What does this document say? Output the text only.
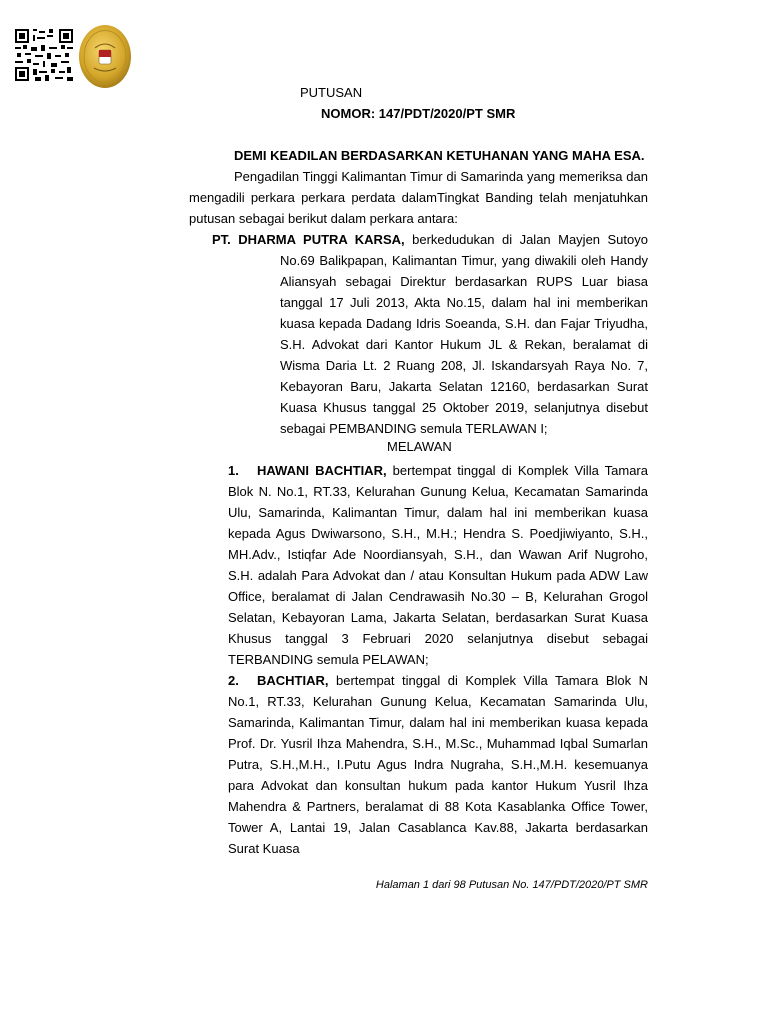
PUTUSAN
NOMOR: 147/PDT/2020/PT SMR
DEMI KEADILAN BERDASARKAN KETUHANAN YANG MAHA ESA.

Pengadilan Tinggi Kalimantan Timur di Samarinda yang memeriksa dan mengadili perkara perkara perdata dalamTingkat Banding telah menjatuhkan putusan sebagai berikut dalam perkara antara:

PT. DHARMA PUTRA KARSA, berkedudukan di Jalan Mayjen Sutoyo

No.69 Balikpapan, Kalimantan Timur, yang diwakili oleh Handy Aliansyah sebagai Direktur berdasarkan RUPS Luar biasa tanggal 17 Juli 2013, Akta No.15, dalam hal ini memberikan kuasa kepada Dadang Idris Soeanda, S.H. dan Fajar Triyudha, S.H. Advokat dari Kantor Hukum JL & Rekan, beralamat di Wisma Daria Lt. 2 Ruang 208, Jl. Iskandarsyah Raya No. 7, Kebayoran Baru, Jakarta Selatan 12160, berdasarkan Surat Kuasa Khusus tanggal 25 Oktober 2019, selanjutnya disebut sebagai PEMBANDING semula TERLAWAN I;

MELAWAN

1. HAWANI BACHTIAR, bertempat tinggal di Komplek Villa Tamara Blok N. No.1, RT.33, Kelurahan Gunung Kelua, Kecamatan Samarinda Ulu, Samarinda, Kalimantan Timur, dalam hal ini memberikan kuasa kepada Agus Dwiwarsono, S.H., M.H.; Hendra S. Poedjiwiyanto, S.H., MH.Adv., Istiqfar Ade Noordiansyah, S.H., dan Wawan Arif Nugroho, S.H. adalah Para Advokat dan / atau Konsultan Hukum pada ADW Law Office, beralamat di Jalan Cendrawasih No.30 – B, Kelurahan Grogol Selatan, Kebayoran Lama, Jakarta Selatan, berdasarkan Surat Kuasa Khusus tanggal 3 Februari 2020 selanjutnya disebut sebagai TERBANDING semula PELAWAN;

2. BACHTIAR, bertempat tinggal di Komplek Villa Tamara Blok N No.1, RT.33, Kelurahan Gunung Kelua, Kecamatan Samarinda Ulu, Samarinda, Kalimantan Timur, dalam hal ini memberikan kuasa kepada Prof. Dr. Yusril Ihza Mahendra, S.H., M.Sc., Muhammad Iqbal Sumarlan Putra, S.H.,M.H., I.Putu Agus Indra Nugraha, S.H.,M.H. kesemuanya para Advokat dan konsultan hukum pada kantor Hukum Yusril Ihza Mahendra & Partners, beralamat di 88 Kota Kasablanka Office Tower, Tower A, Lantai 19, Jalan Casablanca Kav.88, Jakarta berdasarkan Surat Kuasa

Halaman 1 dari 98 Putusan No. 147/PDT/2020/PT SMR
